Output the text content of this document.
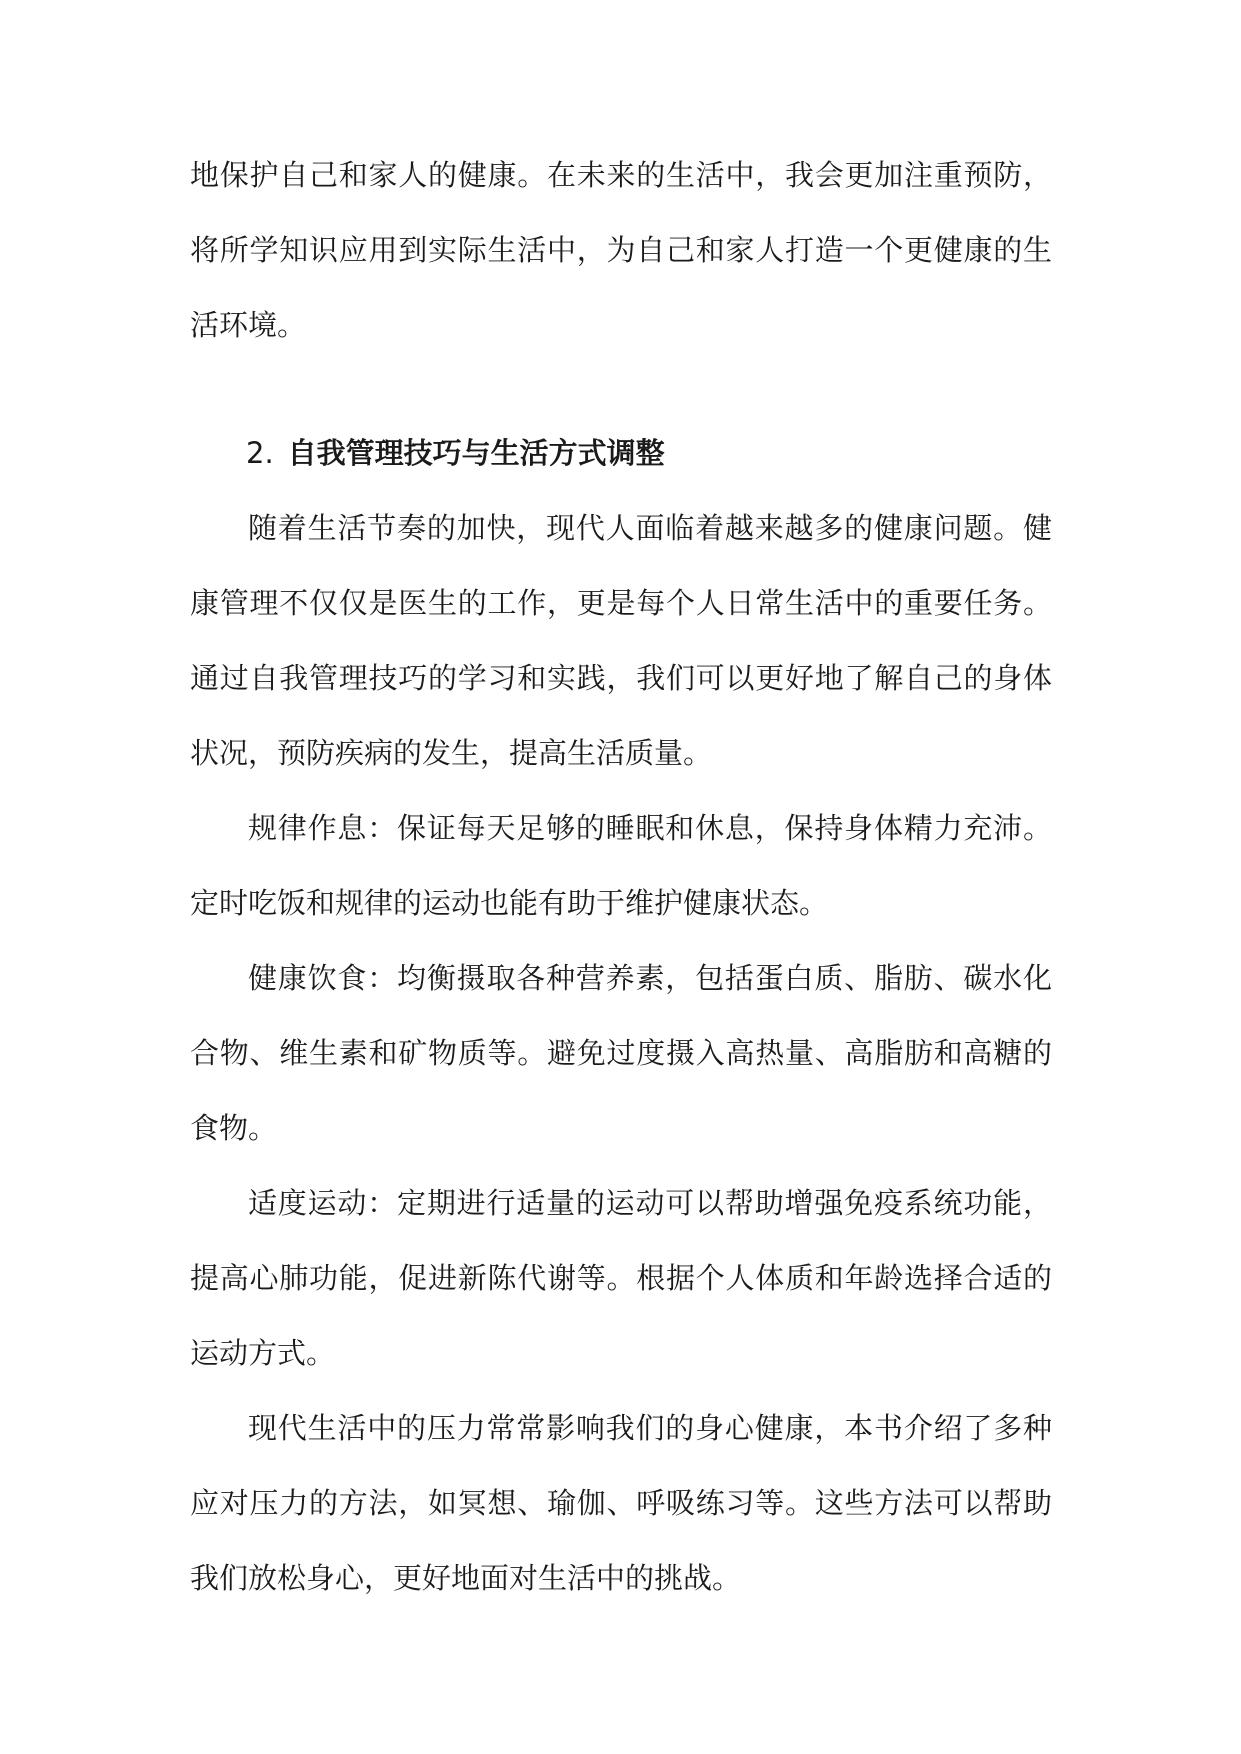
地保护自己和家人的健康。在未来的生活中，我会更加注重预防，将所学知识应用到实际生活中，为自己和家人打造一个更健康的生活环境。

2. 自我管理技巧与生活方式调整

随着生活节奏的加快，现代人面临着越来越多的健康问题。健康管理不仅仅是医生的工作，更是每个人日常生活中的重要任务。通过自我管理技巧的学习和实践，我们可以更好地了解自己的身体状况，预防疾病的发生，提高生活质量。

规律作息：保证每天足够的睡眠和休息，保持身体精力充沛。定时吃饭和规律的运动也能有助于维护健康状态。

健康饮食：均衡摄取各种营养素，包括蛋白质、脂肪、碳水化合物、维生素和矿物质等。避免过度摄入高热量、高脂肪和高糖的食物。

适度运动：定期进行适量的运动可以帮助增强免疫系统功能，提高心肺功能，促进新陈代谢等。根据个人体质和年龄选择合适的运动方式。

现代生活中的压力常常影响我们的身心健康，本书介绍了多种应对压力的方法，如冥想、瑜伽、呼吸练习等。这些方法可以帮助我们放松身心，更好地面对生活中的挑战。
